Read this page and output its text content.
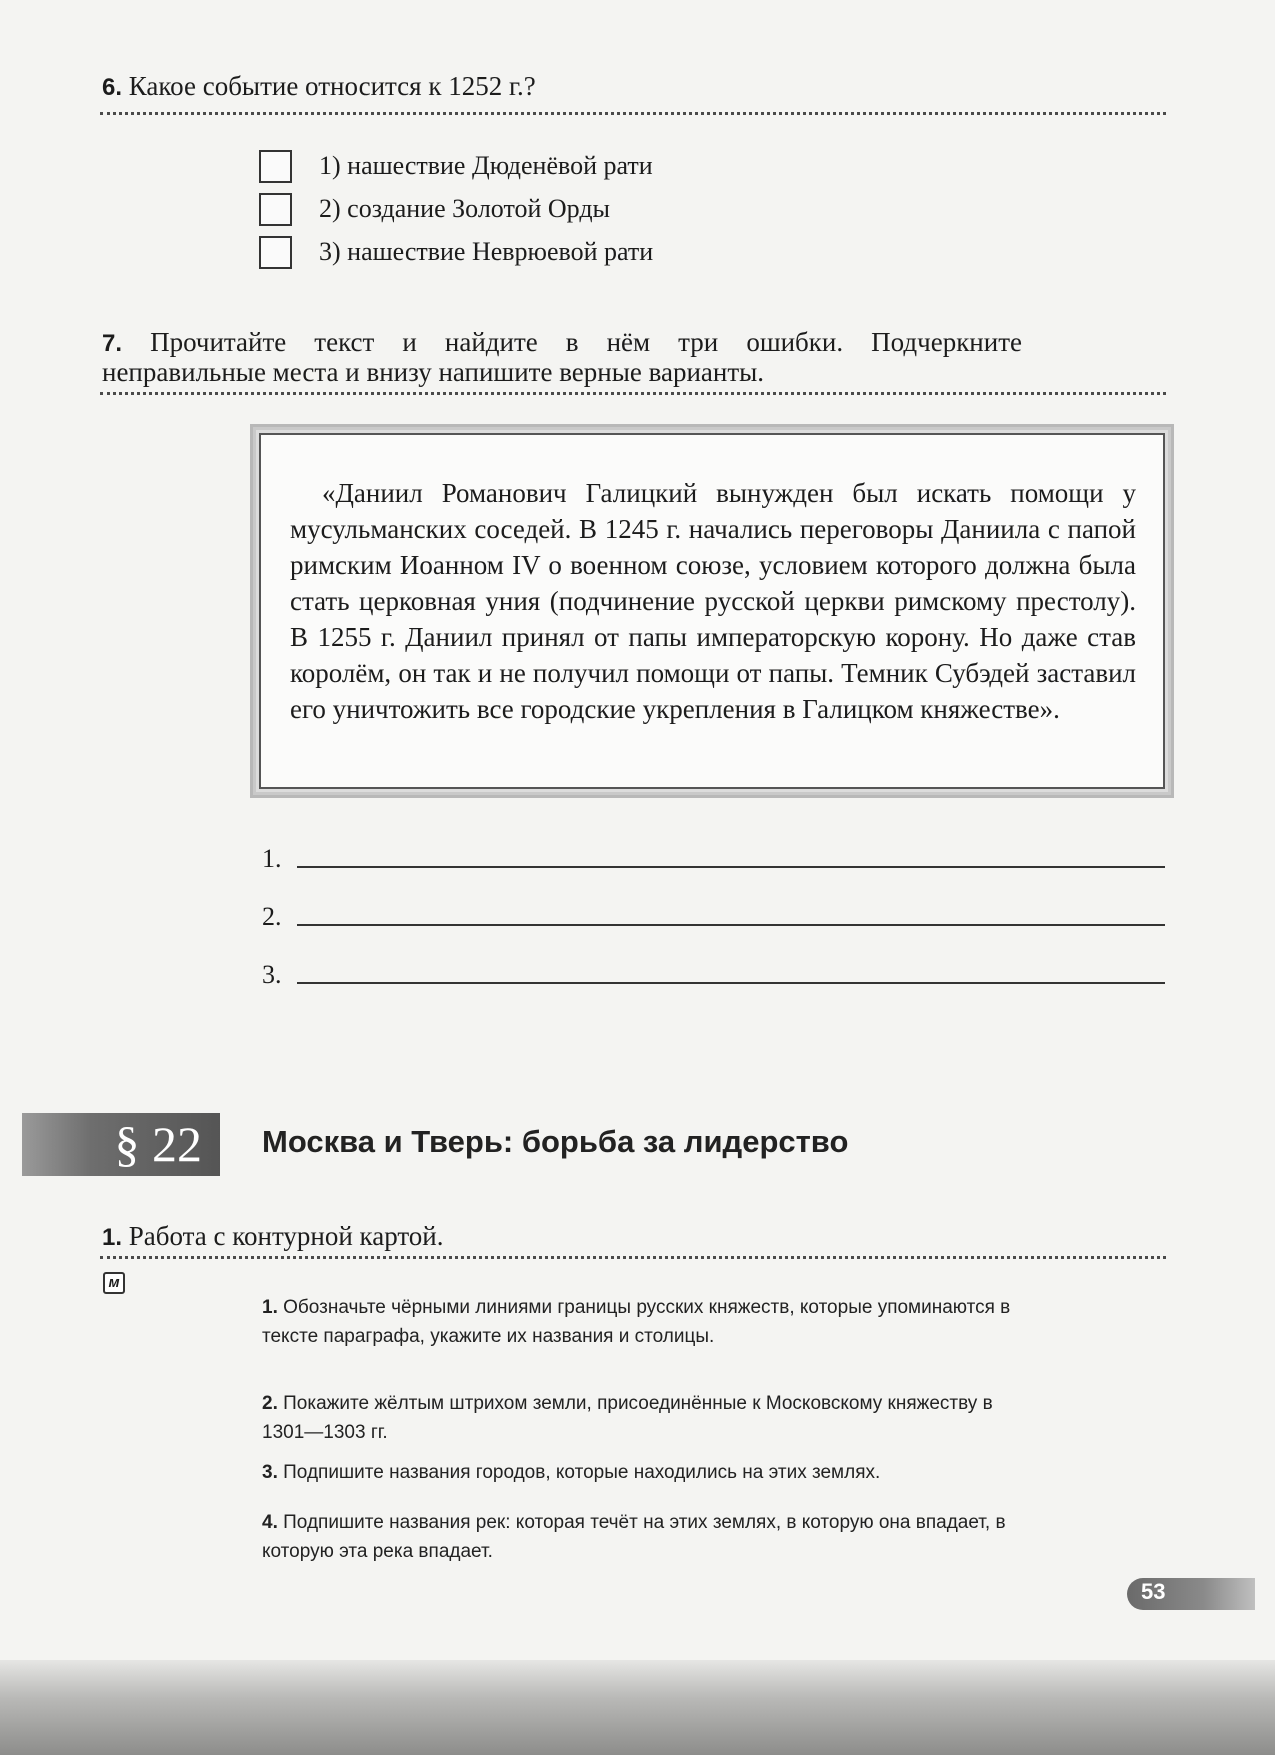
6. Какое событие относится к 1252 г.?
1) нашествие Дюденёвой рати
2) создание Золотой Орды
3) нашествие Неврюевой рати
7. Прочитайте текст и найдите в нём три ошибки. Подчеркните
неправильные места и внизу напишите верные варианты.
«Даниил Романович Галицкий вынужден был искать помощи у мусульманских соседей. В 1245 г. начались переговоры Даниила с папой римским Иоанном IV о военном союзе, условием которого должна была стать церковная уния (подчинение русской церкви римскому престолу). В 1255 г. Даниил принял от папы императорскую корону. Но даже став королём, он так и не получил помощи от папы. Темник Субэдей заставил его уничтожить все городские укрепления в Галицком княжестве».
1.
2.
3.
§ 22	Москва и Тверь: борьба за лидерство
1. Работа с контурной картой.
м
1. Обозначьте чёрными линиями границы русских княжеств, которые упоминаются в тексте параграфа, укажите их названия и столицы.
2. Покажите жёлтым штрихом земли, присоединённые к Московскому княжеству в 1301—1303 гг.
3. Подпишите названия городов, которые находились на этих землях.
4. Подпишите названия рек: которая течёт на этих землях, в которую она впадает, в которую эта река впадает.
53
